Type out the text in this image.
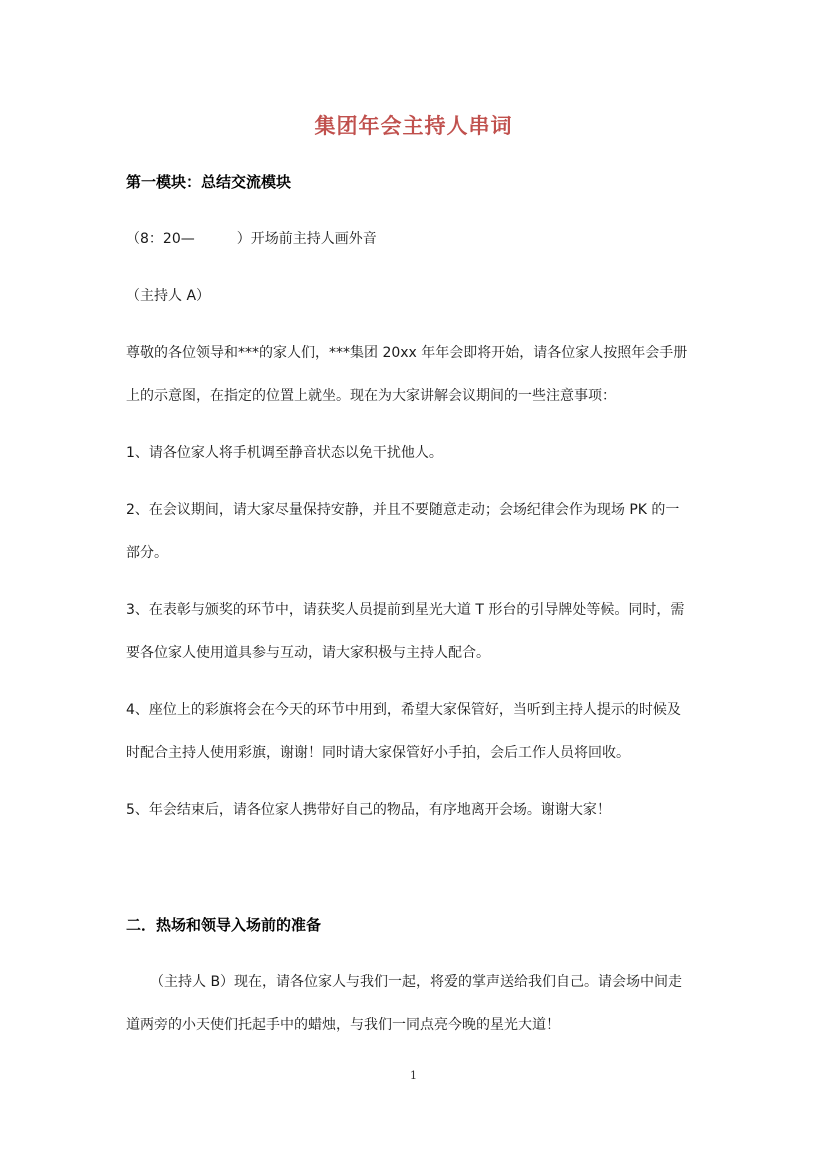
集团年会主持人串词
第一模块：总结交流模块
（8：20—　　　）开场前主持人画外音
（主持人 A）
尊敬的各位领导和***的家人们，***集团 20xx 年年会即将开始，请各位家人按照年会手册
上的示意图，在指定的位置上就坐。现在为大家讲解会议期间的一些注意事项：
1、请各位家人将手机调至静音状态以免干扰他人。
2、在会议期间，请大家尽量保持安静，并且不要随意走动；会场纪律会作为现场 PK 的一
部分。
3、在表彰与颁奖的环节中，请获奖人员提前到星光大道 T 形台的引导牌处等候。同时，需
要各位家人使用道具参与互动，请大家积极与主持人配合。
4、座位上的彩旗将会在今天的环节中用到，希望大家保管好，当听到主持人提示的时候及
时配合主持人使用彩旗，谢谢！同时请大家保管好小手拍，会后工作人员将回收。
5、年会结束后，请各位家人携带好自己的物品，有序地离开会场。谢谢大家！
二．热场和领导入场前的准备
（主持人 B）现在，请各位家人与我们一起，将爱的掌声送给我们自己。请会场中间走
道两旁的小天使们托起手中的蜡烛，与我们一同点亮今晚的星光大道！
1
